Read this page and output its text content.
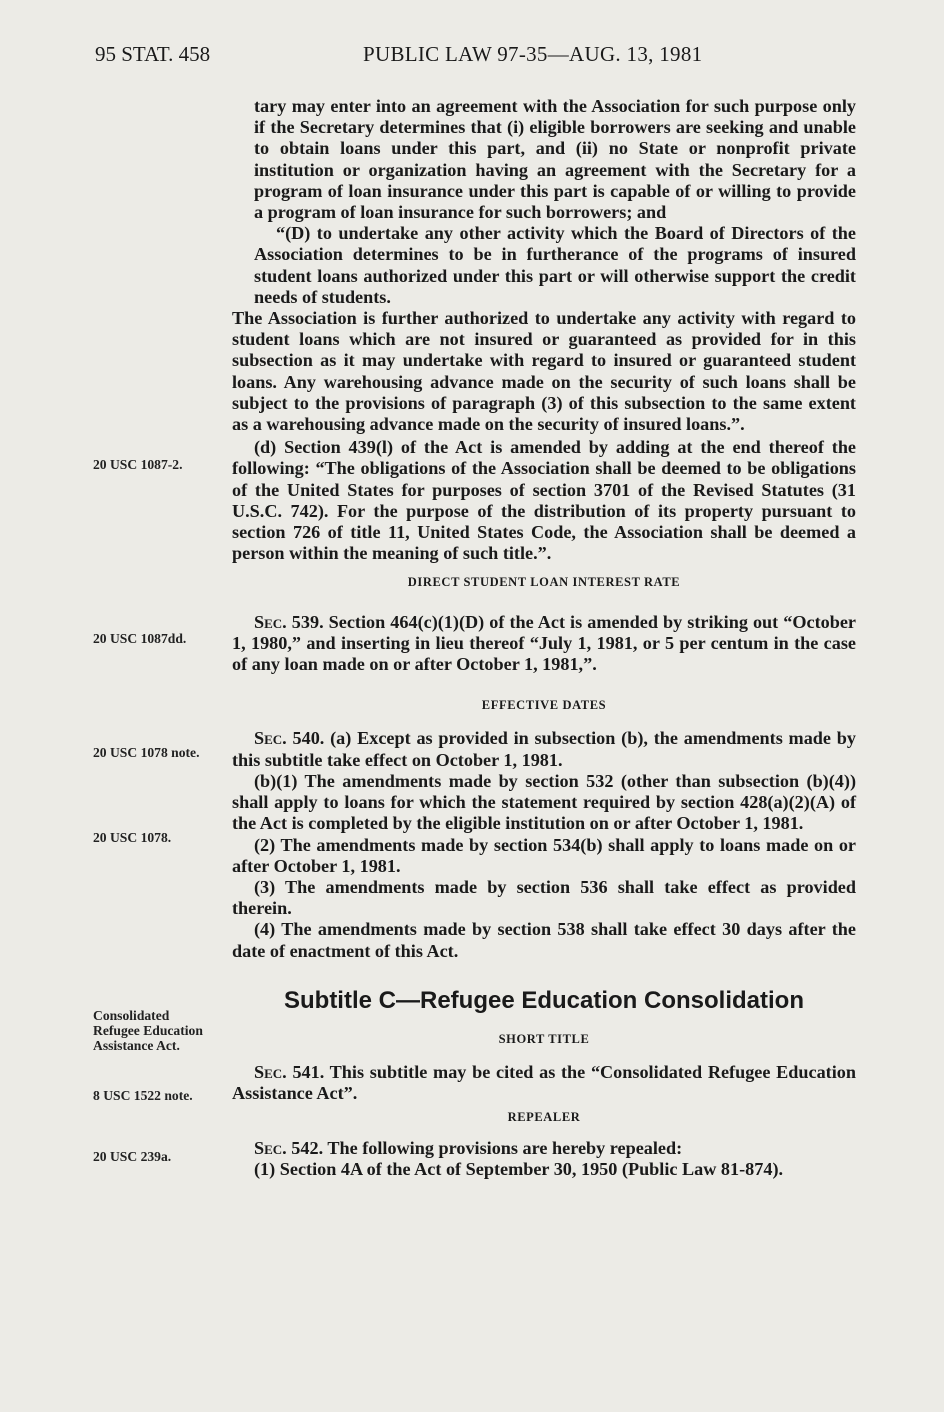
95 STAT. 458	PUBLIC LAW 97-35—AUG. 13, 1981
20 USC 1087-2.
20 USC 1087dd.
20 USC 1078 note.
20 USC 1078.
Consolidated Refugee Education Assistance Act.
8 USC 1522 note.
20 USC 239a.

tary may enter into an agreement with the Association for such purpose only if the Secretary determines that (i) eligible borrowers are seeking and unable to obtain loans under this part, and (ii) no State or nonprofit private institution or organization having an agreement with the Secretary for a program of loan insurance under this part is capable of or willing to provide a program of loan insurance for such borrowers; and

“(D) to undertake any other activity which the Board of Directors of the Association determines to be in furtherance of the programs of insured student loans authorized under this part or will otherwise support the credit needs of students.

The Association is further authorized to undertake any activity with regard to student loans which are not insured or guaranteed as provided for in this subsection as it may undertake with regard to insured or guaranteed student loans. Any warehousing advance made on the security of such loans shall be subject to the provisions of paragraph (3) of this subsection to the same extent as a warehousing advance made on the security of insured loans.”.

(d) Section 439(l) of the Act is amended by adding at the end thereof the following: “The obligations of the Association shall be deemed to be obligations of the United States for purposes of section 3701 of the Revised Statutes (31 U.S.C. 742). For the purpose of the distribution of its property pursuant to section 726 of title 11, United States Code, the Association shall be deemed a person within the meaning of such title.”.

DIRECT STUDENT LOAN INTEREST RATE

Sec. 539. Section 464(c)(1)(D) of the Act is amended by striking out “October 1, 1980,” and inserting in lieu thereof “July 1, 1981, or 5 per centum in the case of any loan made on or after October 1, 1981,”.

EFFECTIVE DATES

Sec. 540. (a) Except as provided in subsection (b), the amendments made by this subtitle take effect on October 1, 1981.

(b)(1) The amendments made by section 532 (other than subsection (b)(4)) shall apply to loans for which the statement required by section 428(a)(2)(A) of the Act is completed by the eligible institution on or after October 1, 1981.

(2) The amendments made by section 534(b) shall apply to loans made on or after October 1, 1981.

(3) The amendments made by section 536 shall take effect as provided therein.

(4) The amendments made by section 538 shall take effect 30 days after the date of enactment of this Act.

Subtitle C—Refugee Education Consolidation
SHORT TITLE

Sec. 541. This subtitle may be cited as the “Consolidated Refugee Education Assistance Act”.

REPEALER

Sec. 542. The following provisions are hereby repealed:

(1) Section 4A of the Act of September 30, 1950 (Public Law 81-874).
